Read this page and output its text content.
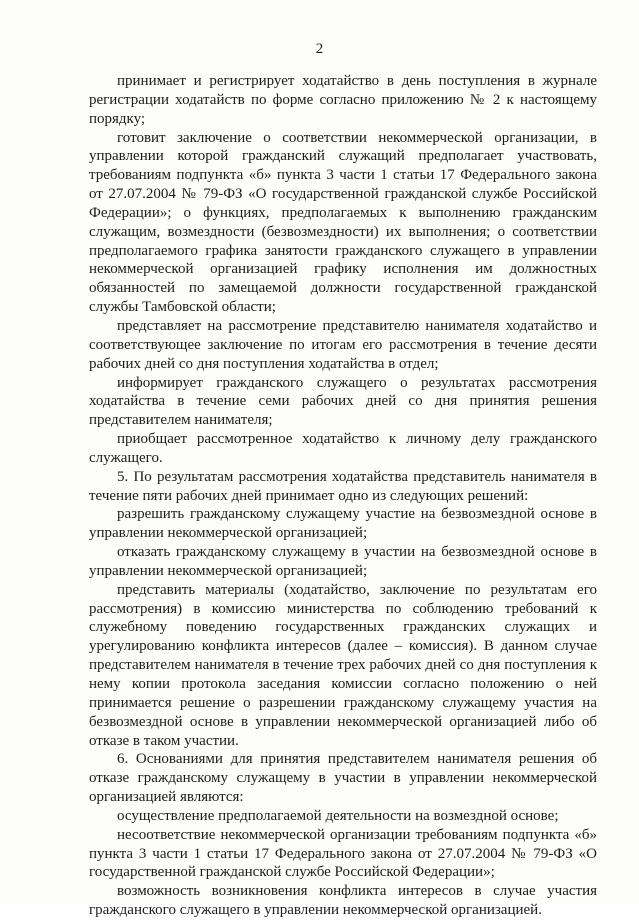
2

принимает и регистрирует ходатайство в день поступления в журнале регистрации ходатайств по форме согласно приложению № 2 к настоящему порядку;

готовит заключение о соответствии некоммерческой организации, в управлении которой гражданский служащий предполагает участвовать, требованиям подпункта «б» пункта 3 части 1 статьи 17 Федерального закона от 27.07.2004 № 79-ФЗ «О государственной гражданской службе Российской Федерации»; о функциях, предполагаемых к выполнению гражданским служащим, возмездности (безвозмездности) их выполнения; о соответствии предполагаемого графика занятости гражданского служащего в управлении некоммерческой организацией графику исполнения им должностных обязанностей по замещаемой должности государственной гражданской службы Тамбовской области;

представляет на рассмотрение представителю нанимателя ходатайство и соответствующее заключение по итогам его рассмотрения в течение десяти рабочих дней со дня поступления ходатайства в отдел;

информирует гражданского служащего о результатах рассмотрения ходатайства в течение семи рабочих дней со дня принятия решения представителем нанимателя;

приобщает рассмотренное ходатайство к личному делу гражданского служащего.

5. По результатам рассмотрения ходатайства представитель нанимателя в течение пяти рабочих дней принимает одно из следующих решений:

разрешить гражданскому служащему участие на безвозмездной основе в управлении некоммерческой организацией;

отказать гражданскому служащему в участии на безвозмездной основе в управлении некоммерческой организацией;

представить материалы (ходатайство, заключение по результатам его рассмотрения) в комиссию министерства по соблюдению требований к служебному поведению государственных гражданских служащих и урегулированию конфликта интересов (далее – комиссия). В данном случае представителем нанимателя в течение трех рабочих дней со дня поступления к нему копии протокола заседания комиссии согласно положению о ней принимается решение о разрешении гражданскому служащему участия на безвозмездной основе в управлении некоммерческой организацией либо об отказе в таком участии.

6. Основаниями для принятия представителем нанимателя решения об отказе гражданскому служащему в участии в управлении некоммерческой организацией являются:

осуществление предполагаемой деятельности на возмездной основе;

несоответствие некоммерческой организации требованиям подпункта «б» пункта 3 части 1 статьи 17 Федерального закона от 27.07.2004 № 79-ФЗ «О государственной гражданской службе Российской Федерации»;

возможность возникновения конфликта интересов в случае участия гражданского служащего в управлении некоммерческой организацией.
